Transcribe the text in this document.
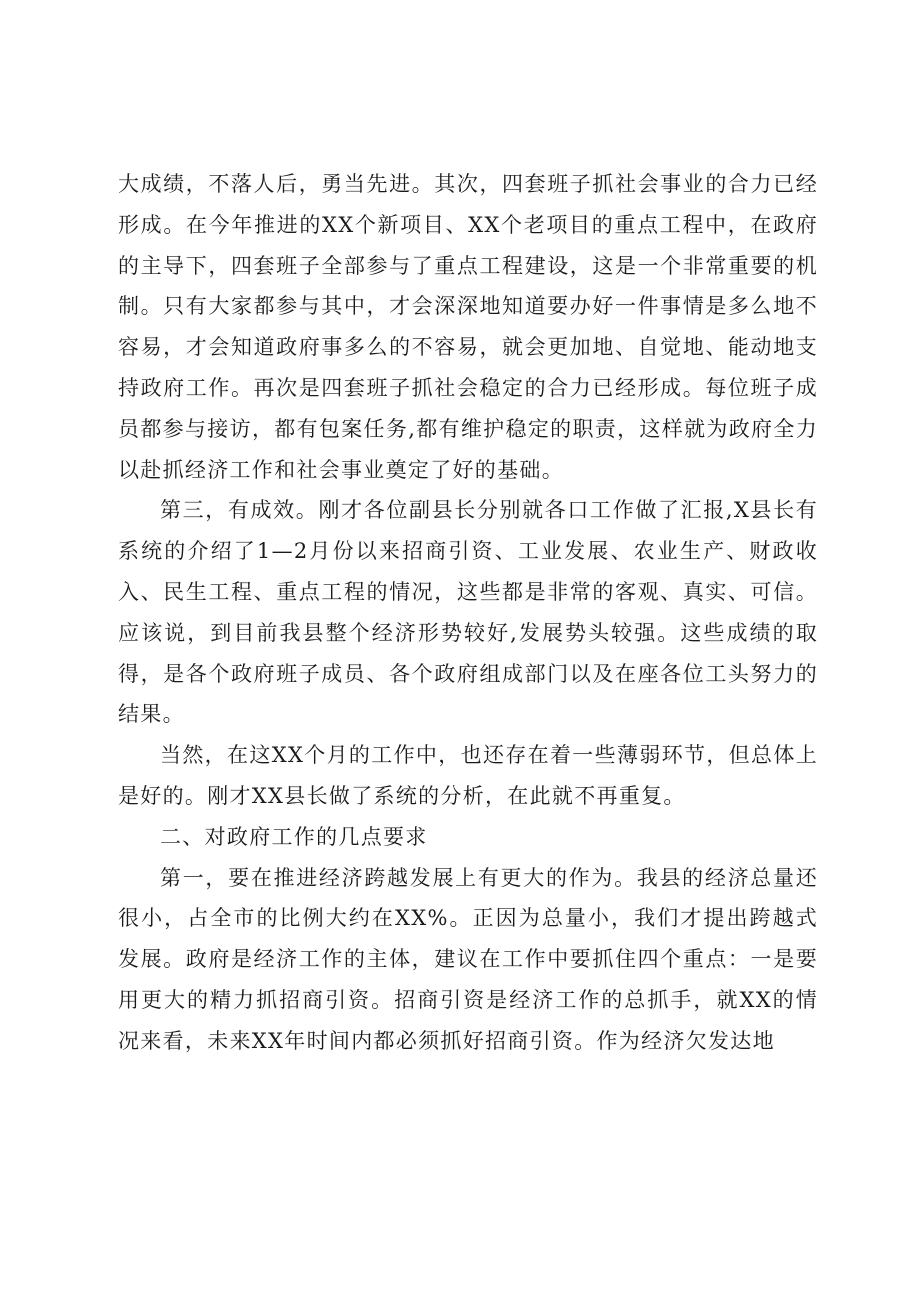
大成绩，不落人后，勇当先进。其次，四套班子抓社会事业的合力已经形成。在今年推进的XX个新项目、XX个老项目的重点工程中，在政府的主导下，四套班子全部参与了重点工程建设，这是一个非常重要的机制。只有大家都参与其中，才会深深地知道要办好一件事情是多么地不容易，才会知道政府事多么的不容易，就会更加地、自觉地、能动地支持政府工作。再次是四套班子抓社会稳定的合力已经形成。每位班子成员都参与接访，都有包案任务,都有维护稳定的职责，这样就为政府全力以赴抓经济工作和社会事业奠定了好的基础。

第三，有成效。刚才各位副县长分别就各口工作做了汇报,X县长有系统的介绍了1—2月份以来招商引资、工业发展、农业生产、财政收入、民生工程、重点工程的情况，这些都是非常的客观、真实、可信。应该说，到目前我县整个经济形势较好,发展势头较强。这些成绩的取得，是各个政府班子成员、各个政府组成部门以及在座各位工头努力的结果。

当然，在这XX个月的工作中，也还存在着一些薄弱环节，但总体上是好的。刚才XX县长做了系统的分析，在此就不再重复。

二、对政府工作的几点要求

第一，要在推进经济跨越发展上有更大的作为。我县的经济总量还很小，占全市的比例大约在XX%。正因为总量小，我们才提出跨越式发展。政府是经济工作的主体，建议在工作中要抓住四个重点：一是要用更大的精力抓招商引资。招商引资是经济工作的总抓手，就XX的情况来看，未来XX年时间内都必须抓好招商引资。作为经济欠发达地
